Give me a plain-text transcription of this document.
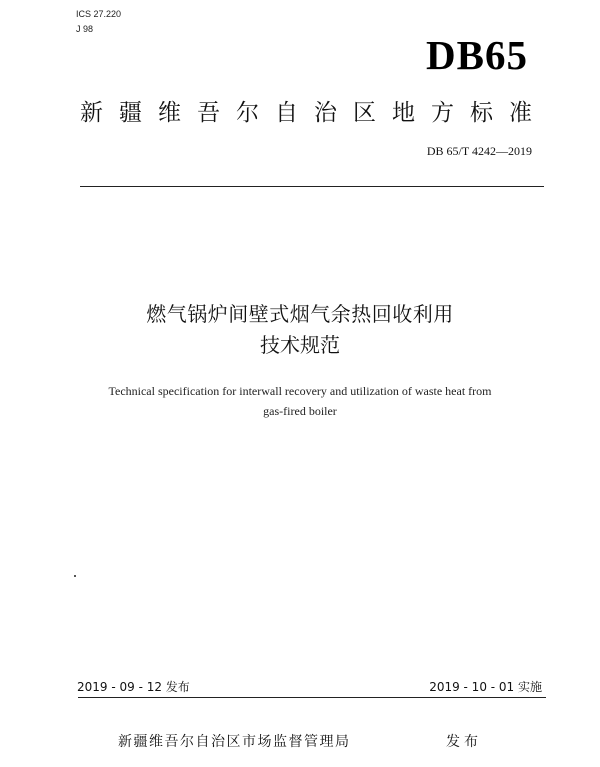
ICS 27.220
J 98
DB65
新 疆 维 吾 尔 自 治 区 地 方 标 准
DB 65/T 4242—2019
燃气锅炉间壁式烟气余热回收利用
技术规范
Technical specification for interwall recovery and utilization of waste heat from
gas-fired boiler
2019 - 09 - 12 发布	2019 - 10 - 01 实施
新疆维吾尔自治区市场监督管理局	发布
